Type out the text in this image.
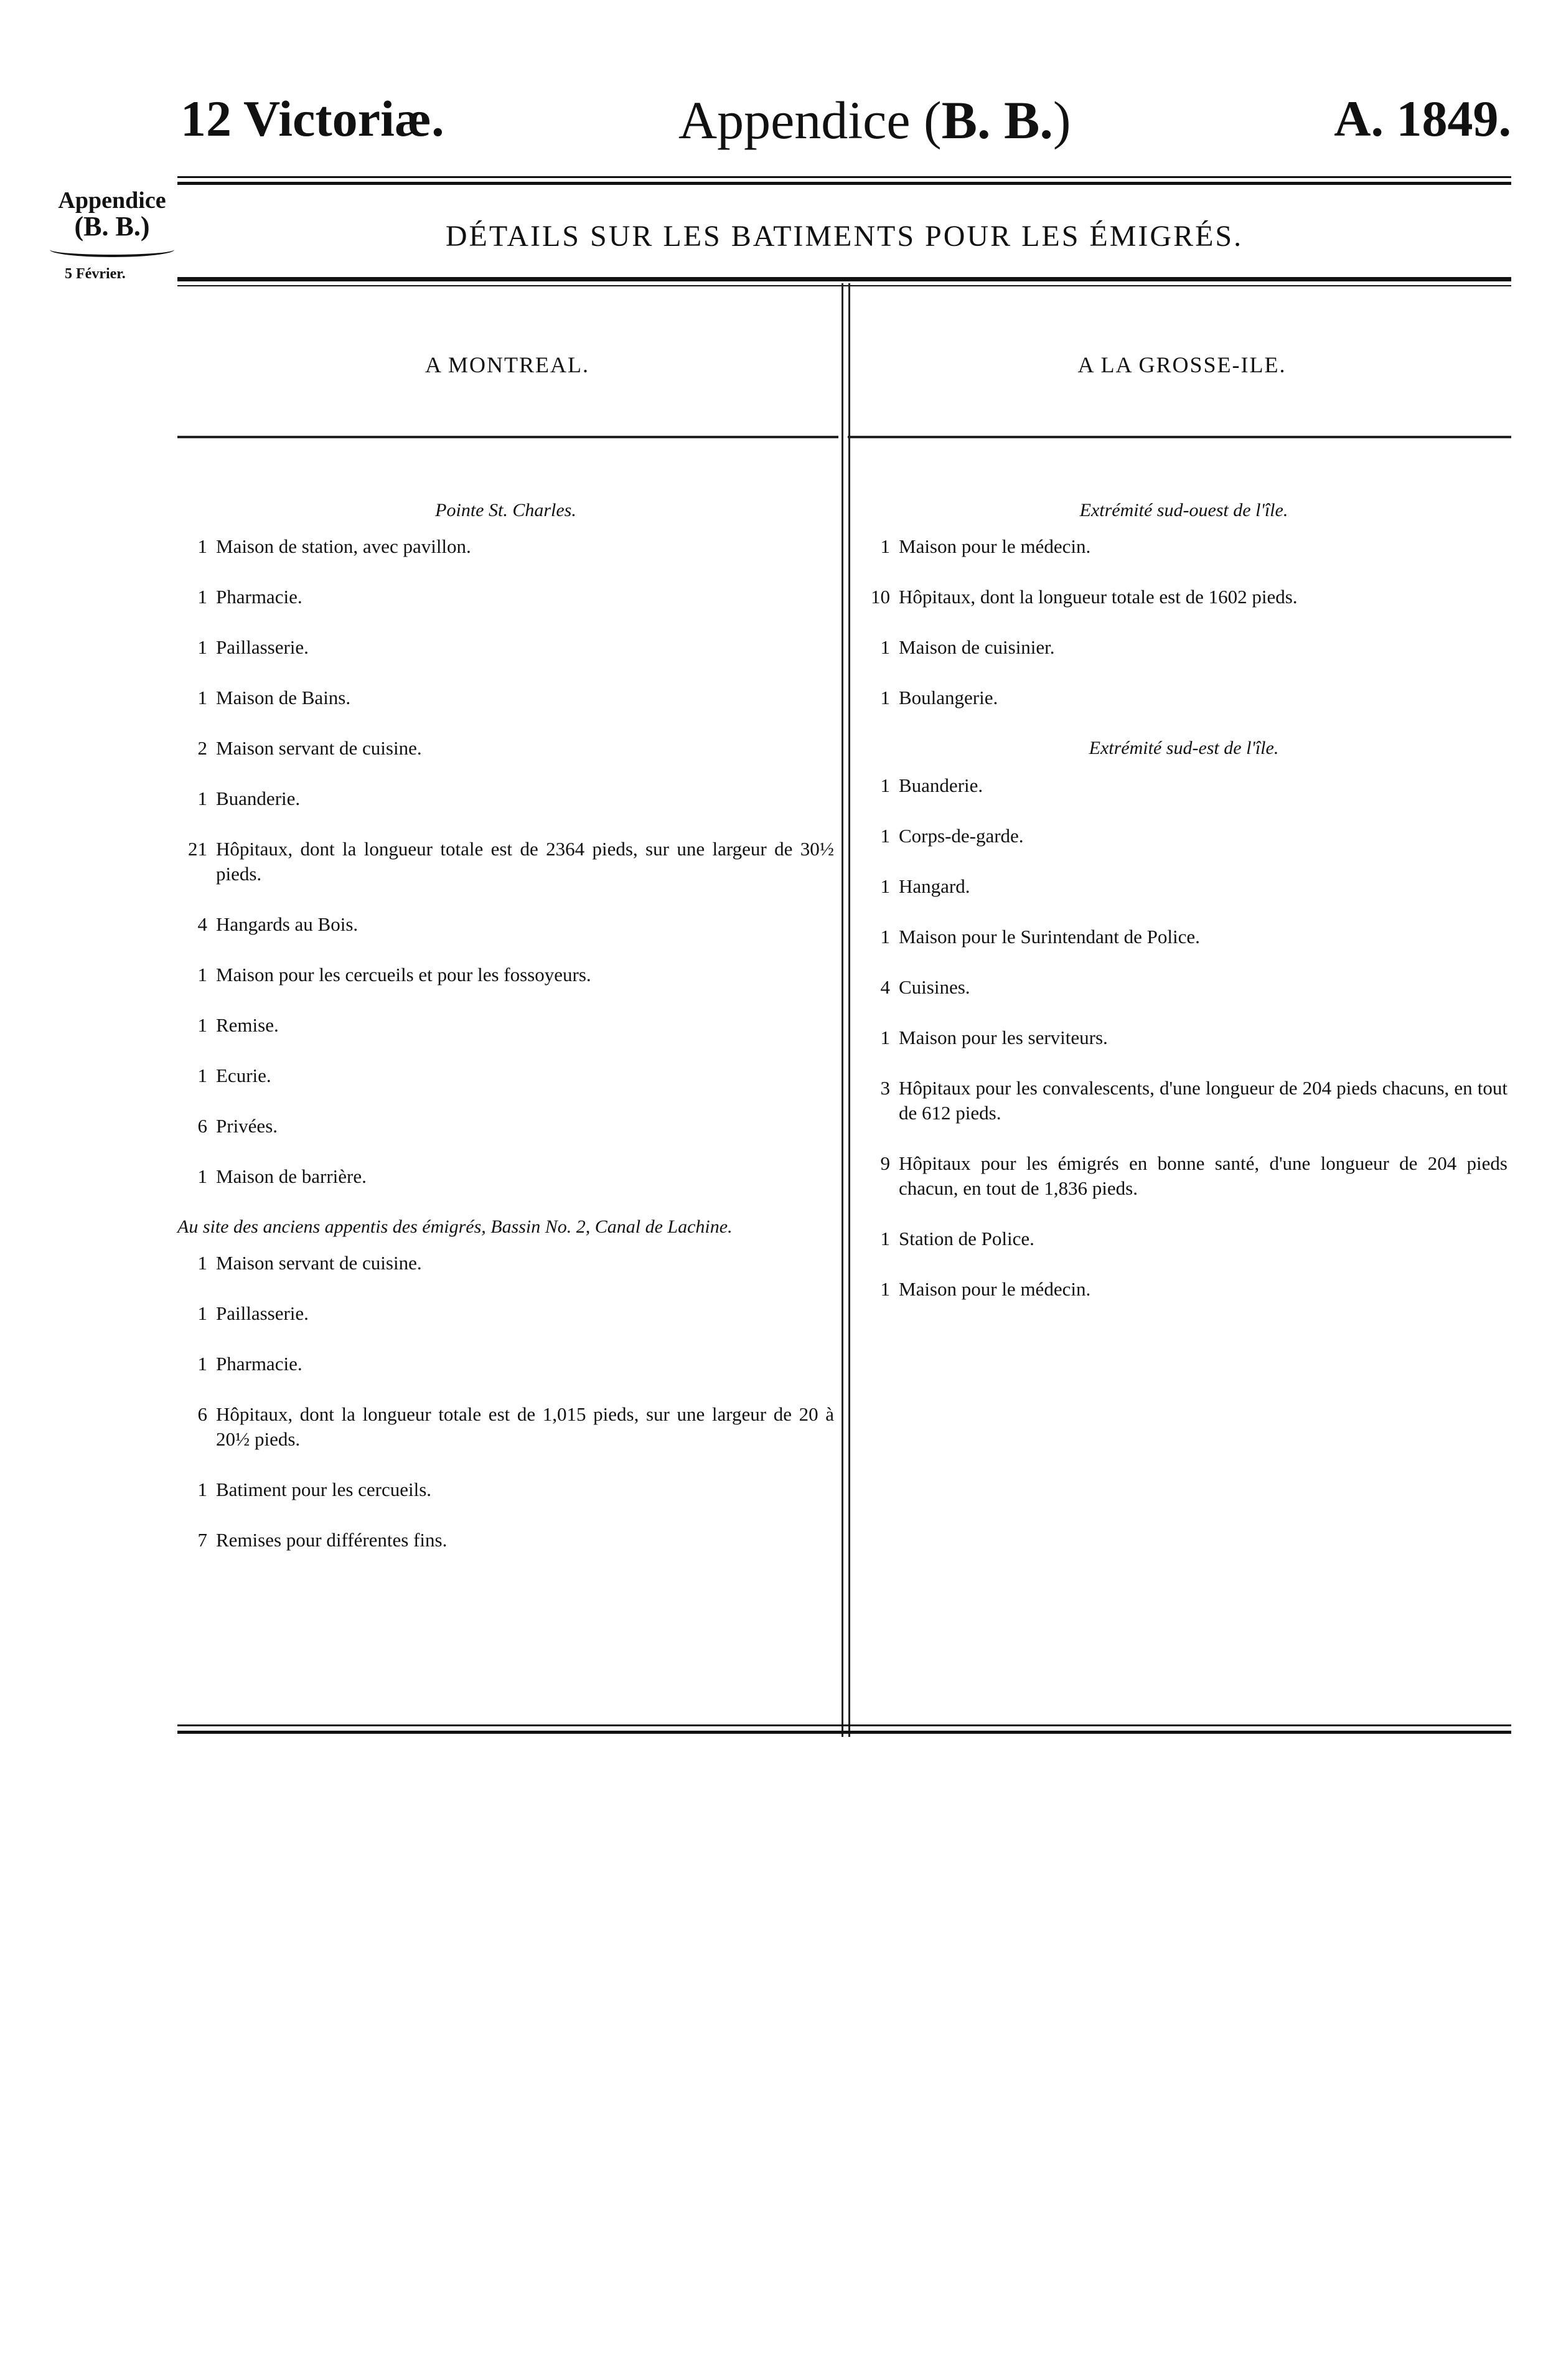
12 Victoriæ.	Appendice (B. B.)	A. 1849.
Appendice
(B. B.)
5 Février.
DÉTAILS SUR LES BATIMENTS POUR LES ÉMIGRÉS.
A MONTREAL.	A LA GROSSE-ILE.
Pointe St. Charles.
1 Maison de station, avec pavillon.
1 Pharmacie.
1 Paillasserie.
1 Maison de Bains.
2 Maison servant de cuisine.
1 Buanderie.
21 Hôpitaux, dont la longueur totale est de 2364 pieds, sur une largeur de 30½ pieds.
4 Hangards au Bois.
1 Maison pour les cercueils et pour les fossoyeurs.
1 Remise.
1 Ecurie.
6 Privées.
1 Maison de barrière.
Au site des anciens appentis des émigrés, Bassin No. 2, Canal de Lachine.
1 Maison servant de cuisine.
1 Paillasserie.
1 Pharmacie.
6 Hôpitaux, dont la longueur totale est de 1,015 pieds, sur une largeur de 20 à 20½ pieds.
1 Batiment pour les cercueils.
7 Remises pour différentes fins.
Extrémité sud-ouest de l'île.
1 Maison pour le médecin.
10 Hôpitaux, dont la longueur totale est de 1602 pieds.
1 Maison de cuisinier.
1 Boulangerie.
Extrémité sud-est de l'île.
1 Buanderie.
1 Corps-de-garde.
1 Hangard.
1 Maison pour le Surintendant de Police.
4 Cuisines.
1 Maison pour les serviteurs.
3 Hôpitaux pour les convalescents, d'une longueur de 204 pieds chacuns, en tout de 612 pieds.
9 Hôpitaux pour les émigrés en bonne santé, d'une longueur de 204 pieds chacun, en tout de 1,836 pieds.
1 Station de Police.
1 Maison pour le médecin.
